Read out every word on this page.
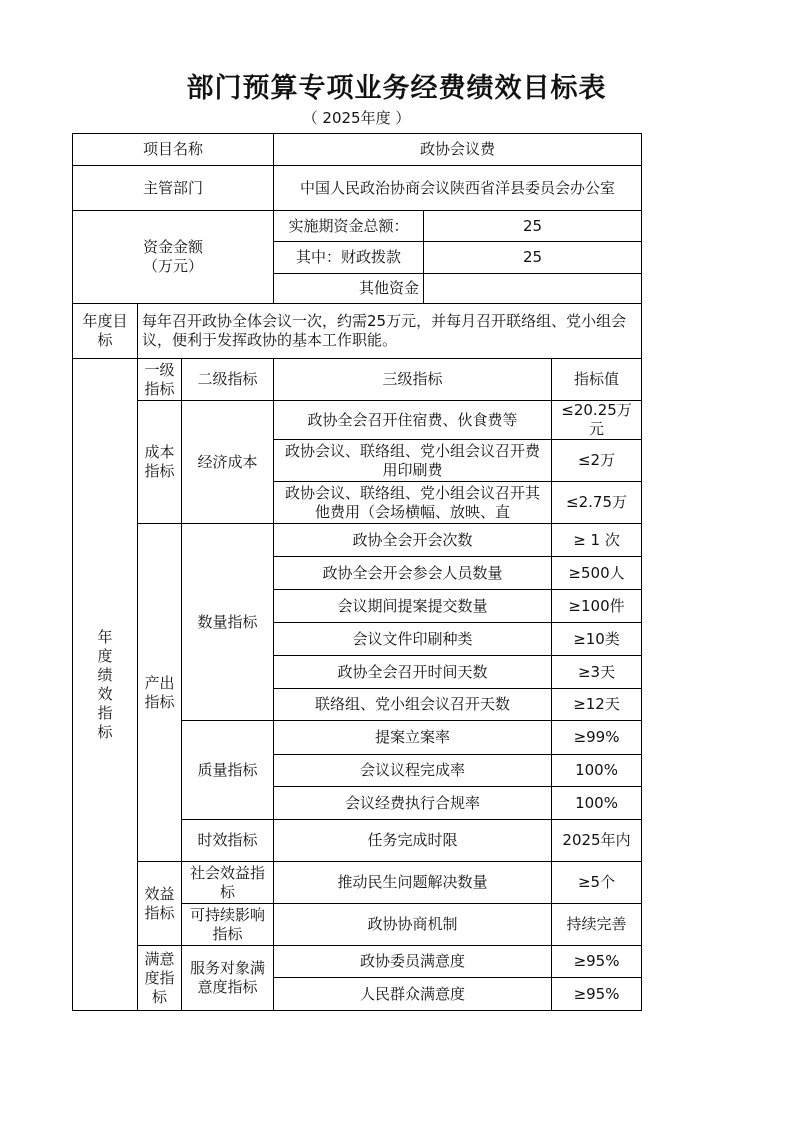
部门预算专项业务经费绩效目标表
（ 2025年度 ）
项目名称			政协会议费		
主管部门			中国人民政治协商会议陕西省洋县委员会办公室		

资金金额
（万元）			实施期资金总额：	25	
			其中：财政拨款	25	
			其他资金		
年度目标	每年召开政协全体会议一次，约需25万元，并每月召开联络组、党小组会议，便利于发挥政协的基本工作职能。				
年度绩效指标	一级指标	二级指标	三级指标		指标值
	成本指标	经济成本	政协全会召开住宿费、伙食费等		≤20.25万元
			政协会议、联络组、党小组会议召开费用印刷费		≤2万
			政协会议、联络组、党小组会议召开其他费用（会场横幅、放映、直		≤2.75万
	产出指标	数量指标	政协全会开会次数		≥ 1 次
			政协全会开会参会人员数量		≥500人
			会议期间提案提交数量		≥100件
			会议文件印刷种类		≥10类
			政协全会召开时间天数		≥3天
			联络组、党小组会议召开天数		≥12天
		质量指标	提案立案率		≥99%
			会议议程完成率		100%
			会议经费执行合规率		100%
		时效指标	任务完成时限		2025年内
	效益指标	社会效益指标	推动民生问题解决数量		≥5个
		可持续影响指标	政协协商机制		持续完善
	满意度指标	服务对象满意度指标	政协委员满意度		≥95%
			人民群众满意度		≥95%
